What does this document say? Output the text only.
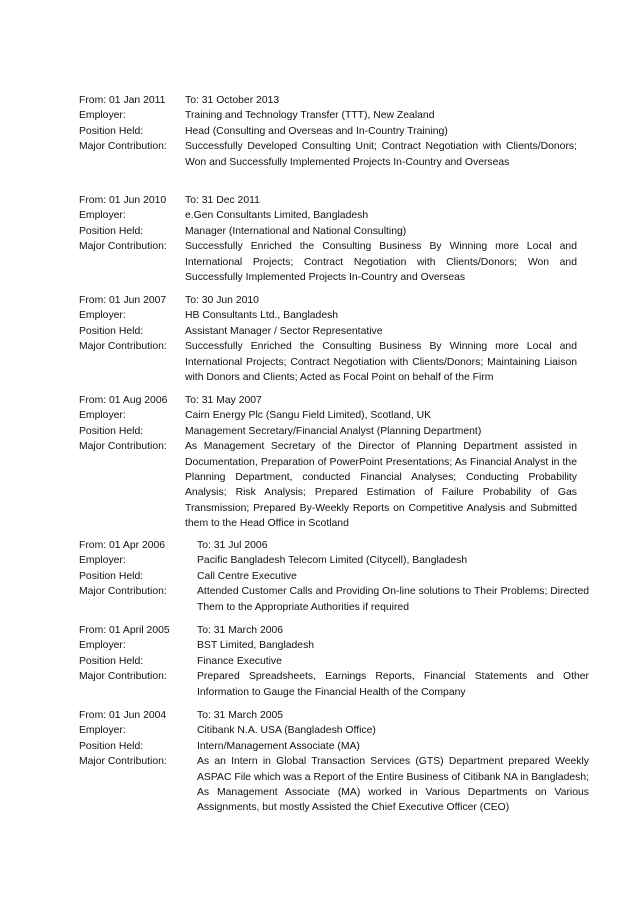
From: 01 Jan 2011	To: 31 October 2013
Employer:	Training and Technology Transfer (TTT), New Zealand
Position Held:	Head (Consulting and Overseas and In-Country Training)
Major Contribution:	Successfully Developed Consulting Unit; Contract Negotiation with Clients/Donors; Won and Successfully Implemented Projects In-Country and Overseas
From: 01 Jun 2010	To: 31 Dec 2011
Employer:	e.Gen Consultants Limited, Bangladesh
Position Held:	Manager (International and National Consulting)
Major Contribution:	Successfully Enriched the Consulting Business By Winning more Local and International Projects; Contract Negotiation with Clients/Donors; Won and Successfully Implemented Projects In-Country and Overseas
From: 01 Jun 2007	To: 30 Jun 2010
Employer:	HB Consultants Ltd., Bangladesh
Position Held:	Assistant Manager / Sector Representative
Major Contribution:	Successfully Enriched the Consulting Business By Winning more Local and International Projects; Contract Negotiation with Clients/Donors; Maintaining Liaison with Donors and Clients; Acted as Focal Point on behalf of the Firm
From: 01 Aug 2006	To: 31 May 2007
Employer:	Cairn Energy Plc (Sangu Field Limited), Scotland, UK
Position Held:	Management Secretary/Financial Analyst (Planning Department)
Major Contribution:	As Management Secretary of the Director of Planning Department assisted in Documentation, Preparation of PowerPoint Presentations; As Financial Analyst in the Planning Department, conducted Financial Analyses; Conducting Probability Analysis; Risk Analysis; Prepared Estimation of Failure Probability of Gas Transmission; Prepared By-Weekly Reports on Competitive Analysis and Submitted them to the Head Office in Scotland
From: 01 Apr 2006	To: 31 Jul 2006
Employer:	Pacific Bangladesh Telecom Limited (Citycell), Bangladesh
Position Held:	Call Centre Executive
Major Contribution:	Attended Customer Calls and Providing On-line solutions to Their Problems; Directed Them to the Appropriate Authorities if required
From: 01 April 2005	To: 31 March 2006
Employer:	BST Limited, Bangladesh
Position Held:	Finance Executive
Major Contribution:	Prepared Spreadsheets, Earnings Reports, Financial Statements and Other Information to Gauge the Financial Health of the Company
From: 01 Jun 2004	To: 31 March 2005
Employer:	Citibank N.A. USA (Bangladesh Office)
Position Held:	Intern/Management Associate (MA)
Major Contribution:	As an Intern in Global Transaction Services (GTS) Department prepared Weekly ASPAC File which was a Report of the Entire Business of Citibank NA in Bangladesh; As Management Associate (MA) worked in Various Departments on Various Assignments, but mostly Assisted the Chief Executive Officer (CEO)
